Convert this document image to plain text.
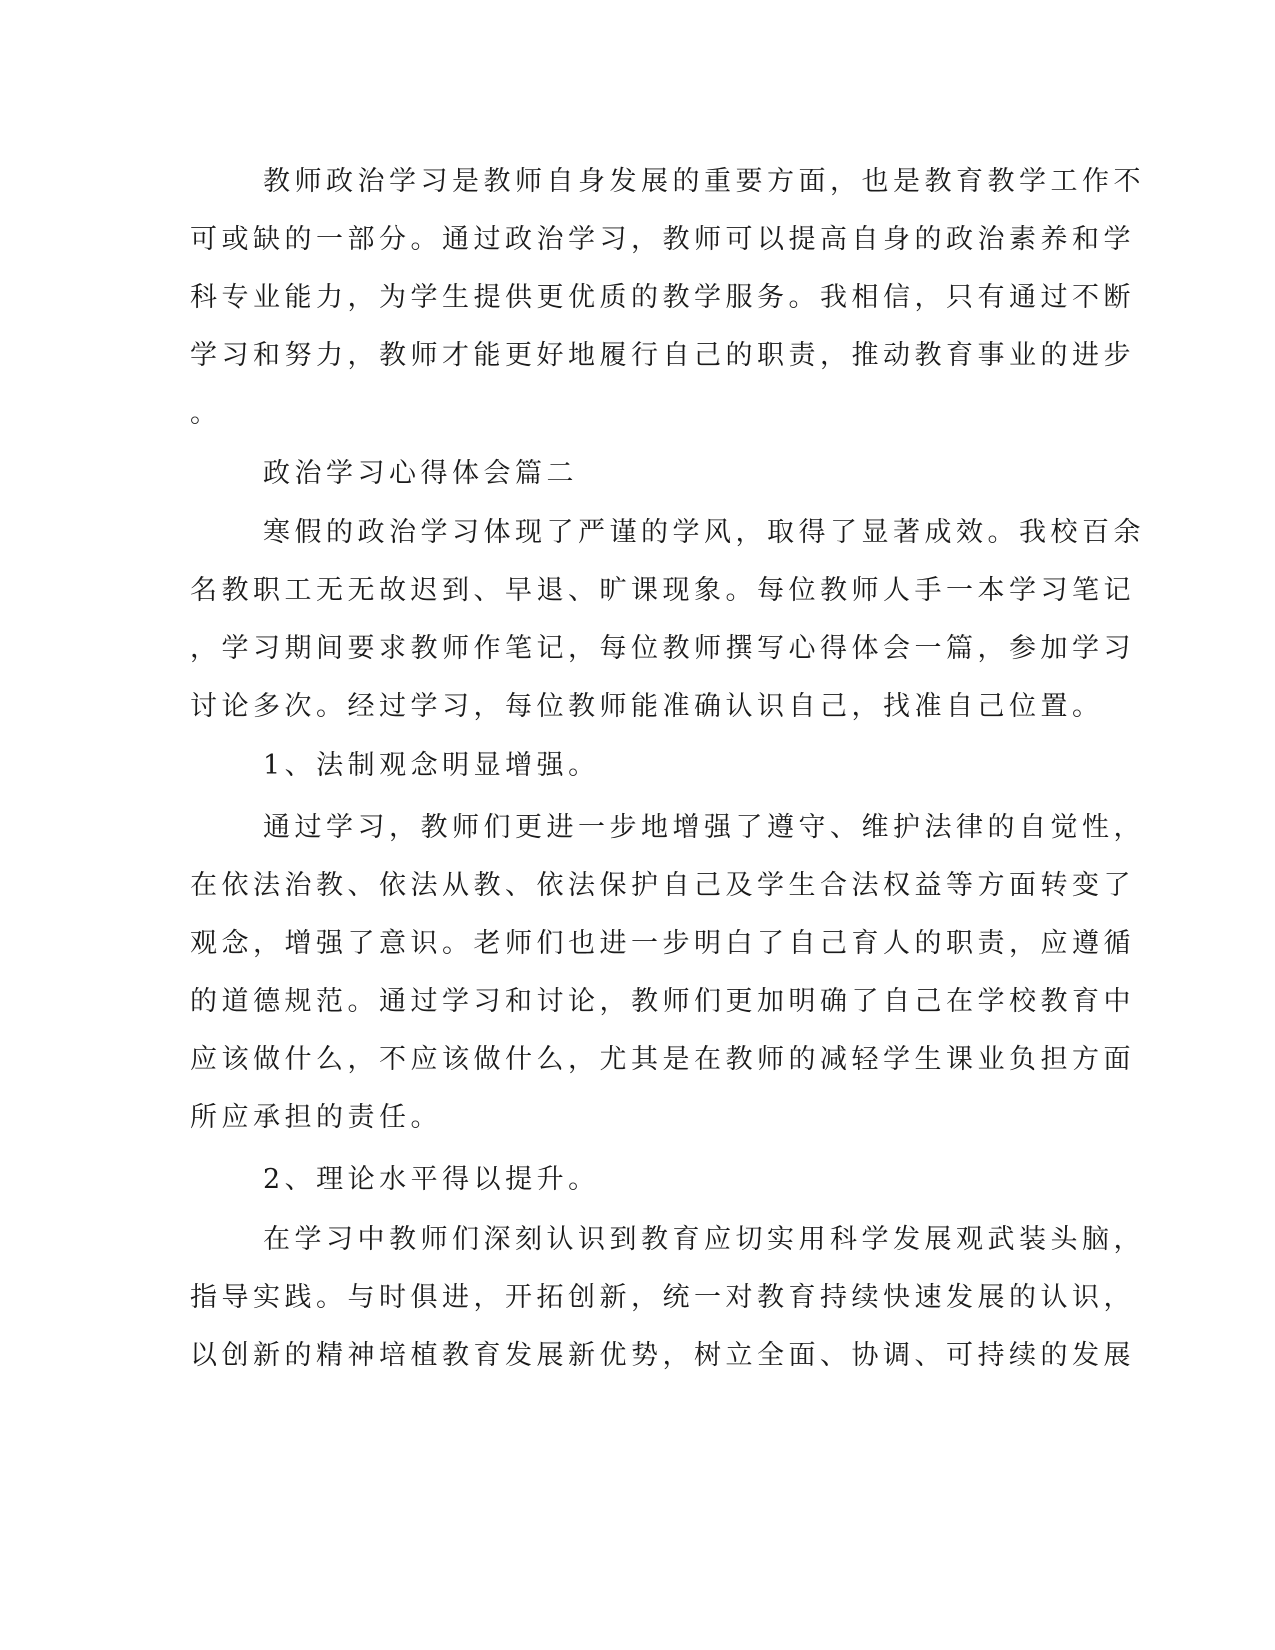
教师政治学习是教师自身发展的重要方面，也是教育教学工作不
可或缺的一部分。通过政治学习，教师可以提高自身的政治素养和学
科专业能力，为学生提供更优质的教学服务。我相信，只有通过不断
学习和努力，教师才能更好地履行自己的职责，推动教育事业的进步
。
政治学习心得体会篇二
寒假的政治学习体现了严谨的学风，取得了显著成效。我校百余
名教职工无无故迟到、早退、旷课现象。每位教师人手一本学习笔记
，学习期间要求教师作笔记，每位教师撰写心得体会一篇，参加学习
讨论多次。经过学习，每位教师能准确认识自己，找准自己位置。
1、法制观念明显增强。
通过学习，教师们更进一步地增强了遵守、维护法律的自觉性，
在依法治教、依法从教、依法保护自己及学生合法权益等方面转变了
观念，增强了意识。老师们也进一步明白了自己育人的职责，应遵循
的道德规范。通过学习和讨论，教师们更加明确了自己在学校教育中
应该做什么，不应该做什么，尤其是在教师的减轻学生课业负担方面
所应承担的责任。
2、理论水平得以提升。
在学习中教师们深刻认识到教育应切实用科学发展观武装头脑，
指导实践。与时俱进，开拓创新，统一对教育持续快速发展的认识，
以创新的精神培植教育发展新优势，树立全面、协调、可持续的发展
